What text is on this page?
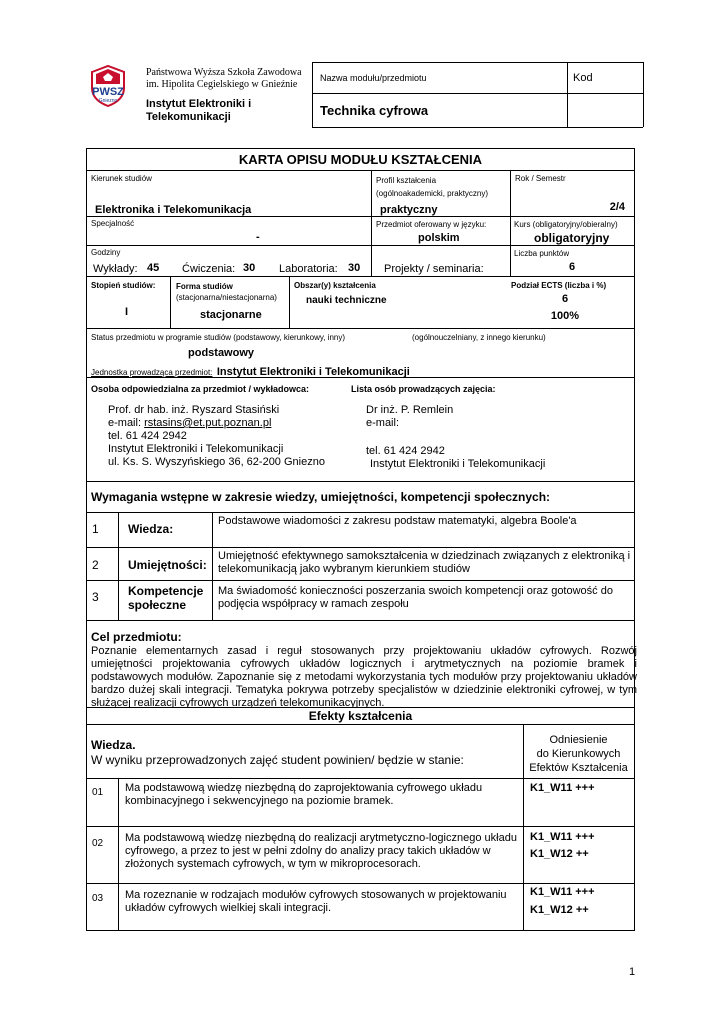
PWSZ
Gniezno
Państwowa Wyższa Szkoła Zawodowa
im. Hipolita Cegielskiego w Gnieźnie
Instytut Elektroniki i
Telekomunikacji
Nazwa modułu/przedmiotu	Kod
Technika cyfrowa
KARTA OPISU MODUŁU KSZTAŁCENIA
Kierunek studiów
Elektronika i Telekomunikacja
Profil kształcenia
(ogólnoakademicki, praktyczny)
praktyczny
Rok / Semestr
2/4
Specjalność
-
Przedmiot oferowany w języku:
polskim
Kurs (obligatoryjny/obieralny)
obligatoryjny
Godziny
Wykłady: 45 Ćwiczenia: 30 Laboratoria: 30 Projekty / seminaria:
Liczba punktów
6
Stopień studiów:
I
Forma studiów
(stacjonarna/niestacjonarna)
stacjonarne
Obszar(y) kształcenia
nauki techniczne
Podział ECTS (liczba i %)
6
100%
Status przedmiotu w programie studiów (podstawowy, kierunkowy, inny)	(ogólnouczelniany, z innego kierunku)
podstawowy
Jednostka prowadząca przedmiot: Instytut Elektroniki i Telekomunikacji
Osoba odpowiedzialna za przedmiot / wykładowca:	Lista osób prowadzących zajęcia:
Prof. dr hab. inż. Ryszard Stasiński
e-mail: rstasins@et.put.poznan.pl
tel. 61 424 2942
Instytut Elektroniki i Telekomunikacji
ul. Ks. S. Wyszyńskiego 36, 62-200 Gniezno
Dr inż. P. Remlein
e-mail:
tel. 61 424 2942
Instytut Elektroniki i Telekomunikacji
Wymagania wstępne w zakresie wiedzy, umiejętności, kompetencji społecznych:
1 Wiedza:
Podstawowe wiadomości z zakresu podstaw matematyki, algebra Boole'a
2 Umiejętności:
Umiejętność efektywnego samokształcenia w dziedzinach związanych z elektroniką i telekomunikacją jako wybranym kierunkiem studiów
3 Kompetencje społeczne
Ma świadomość konieczności poszerzania swoich kompetencji oraz gotowość do podjęcia współpracy w ramach zespołu
Cel przedmiotu:
Poznanie elementarnych zasad i reguł stosowanych przy projektowaniu układów cyfrowych. Rozwój umiejętności projektowania cyfrowych układów logicznych i arytmetycznych na poziomie bramek i podstawowych modułów. Zapoznanie się z metodami wykorzystania tych modułów przy projektowaniu układów bardzo dużej skali integracji. Tematyka pokrywa potrzeby specjalistów w dziedzinie elektroniki cyfrowej, w tym służącej realizacji cyfrowych urządzeń telekomunikacyjnych.
Efekty kształcenia
Wiedza.
W wyniku przeprowadzonych zajęć student powinien/ będzie w stanie:
Odniesienie
do Kierunkowych
Efektów Kształcenia
01 Ma podstawową wiedzę niezbędną do zaprojektowania cyfrowego układu kombinacyjnego i sekwencyjnego na poziomie bramek.
K1_W11 +++
02 Ma podstawową wiedzę niezbędną do realizacji arytmetyczno-logicznego układu cyfrowego, a przez to jest w pełni zdolny do analizy pracy takich układów w złożonych systemach cyfrowych, w tym w mikroprocesorach.
K1_W11 +++
K1_W12 ++
03 Ma rozeznanie w rodzajach modułów cyfrowych stosowanych w projektowaniu układów cyfrowych wielkiej skali integracji.
K1_W11 +++
K1_W12 ++
1
